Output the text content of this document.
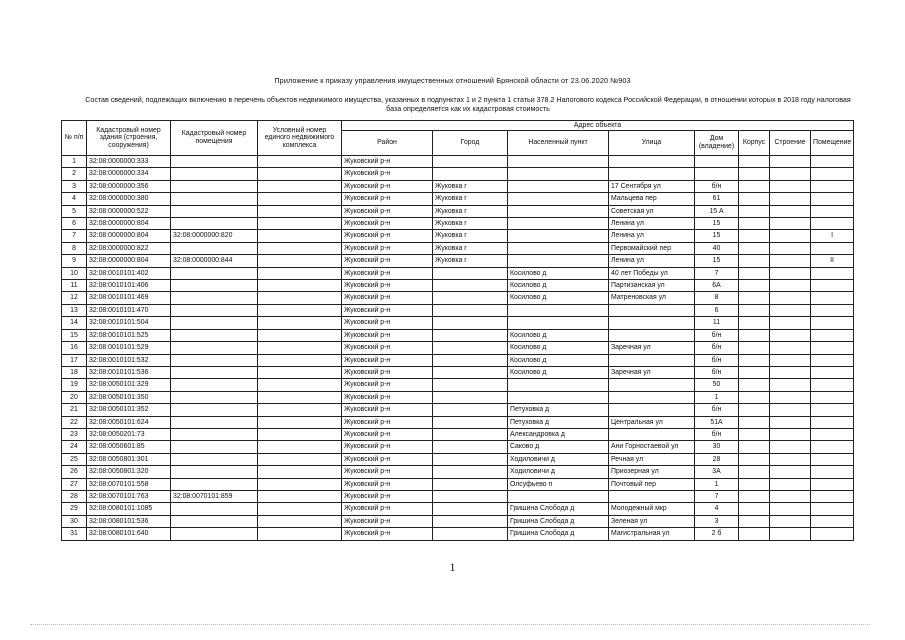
Приложение к приказу управления имущественных отношений Брянской области от 23.06.2020 №903
Состав сведений, подлежащих включению в перечень объектов недвижимого имущества, указанных в подпунктах 1 и 2 пункта 1 статьи 378.2 Налогового кодекса Российской Федерации, в отношении которых в 2018 году налоговая база определяется как их кадастровая стоимость
№ п/п	Кадастровый номер здания (строения, сооружения)	Кадастровый номер помещения	Условный номер единого недвижимого комплекса	Адрес объекта							
				Район	Город	Населенный пункт	Улица	Дом (владение)	Корпус	Строение	Помещение
1	32:08:0000000:333			Жуковский р-н							
2	32:08:0000000:334			Жуковский р-н							
3	32:08:0000000:356			Жуковский р-н	Жуковка г		17 Сентября ул	б/н			
4	32:08:0000000:380			Жуковский р-н	Жуковка г		Мальцева пер	61			
5	32:08:0000000:522			Жуковский р-н	Жуковка г		Советская ул	15 А			
6	32:08:0000000:804			Жуковский р-н	Жуковка г		Ленина ул	15			
7	32:08:0000000:804	32:08:0000000:820		Жуковский р-н	Жуковка г		Ленина ул	15			I
8	32:08:0000000:822			Жуковский р-н	Жуковка г		Первомайский пер	40			
9	32:08:0000000:804	32:08:0000000:844		Жуковский р-н	Жуковка г		Ленина ул	15			II
10	32:08:0010101:402			Жуковский р-н		Косилово д	40 лет Победы ул	7			
11	32:08:0010101:406			Жуковский р-н		Косилово д	Партизанская ул	6А			
12	32:08:0010101:469			Жуковский р-н		Косилово д	Матреновская ул	8			
13	32:08:0010101:470			Жуковский р-н				6			
14	32:08:0010101:504			Жуковский р-н				11			
15	32:08:0010101:525			Жуковский р-н		Косилово д		б/н			
16	32:08:0010101:529			Жуковский р-н		Косилово д	Заречная ул	б/н			
17	32:08:0010101:532			Жуковский р-н		Косилово д		б/н			
18	32:08:0010101:536			Жуковский р-н		Косилово д	Заречная ул	б/н			
19	32:08:0050101:329			Жуковский р-н				50			
20	32:08:0050101:350			Жуковский р-н				1			
21	32:08:0050101:352			Жуковский р-н		Петуховка д		б/н			
22	32:08:0050101:624			Жуковский р-н		Петуховка д	Центральная ул	51А			
23	32:08:0050201:73			Жуковский р-н		Александровка д		б/н			
24	32:08:0050601:85			Жуковский р-н		Саково д	Ани Горностаевой ул	30			
25	32:08:0050801:301			Жуковский р-н		Ходиловичи д	Речная ул	28			
26	32:08:0050801:320			Жуковский р-н		Ходиловичи д	Приозерная ул	3А			
27	32:08:0070101:558			Жуковский р-н		Олсуфьево п	Почтовый пер	1			
28	32:08:0070101:763	32:08:0070101:859		Жуковский р-н				7			
29	32:08:0080101:1085			Жуковский р-н		Гришина Слобода д	Молодежный мкр	4			
30	32:08:0080101:536			Жуковский р-н		Гришина Слобода д	Зеленая ул	3			
31	32:08:0080101:640			Жуковский р-н		Гришина Слобода д	Магистральная ул	2 б			
1
